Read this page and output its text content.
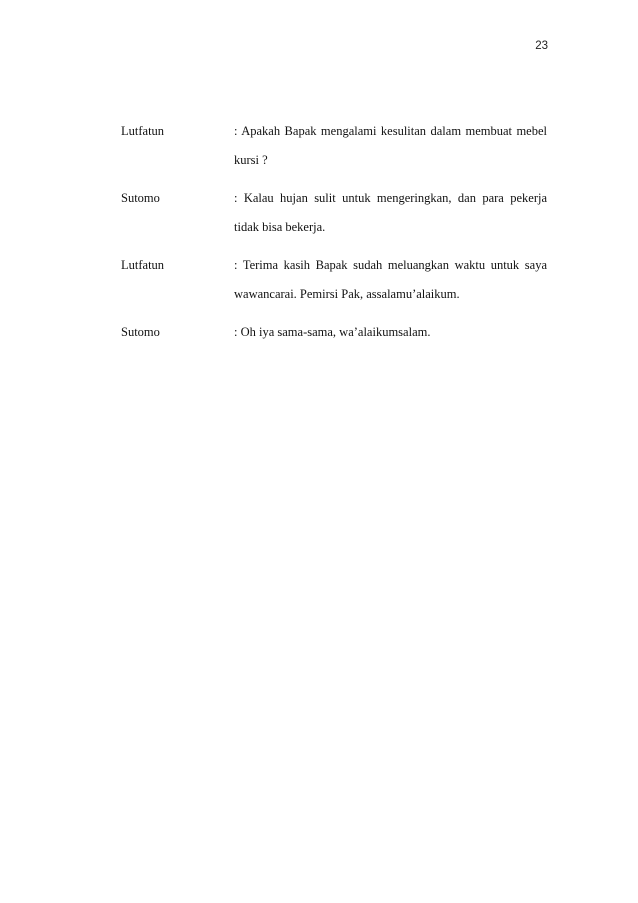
23
Lutfatun	: Apakah Bapak mengalami kesulitan dalam membuat mebel kursi ?
Sutomo	: Kalau hujan sulit untuk mengeringkan, dan para pekerja tidak bisa bekerja.
Lutfatun	: Terima kasih Bapak sudah meluangkan waktu untuk saya wawancarai. Pemirsi Pak, assalamu’alaikum.
Sutomo	: Oh iya sama-sama, wa’alaikumsalam.
